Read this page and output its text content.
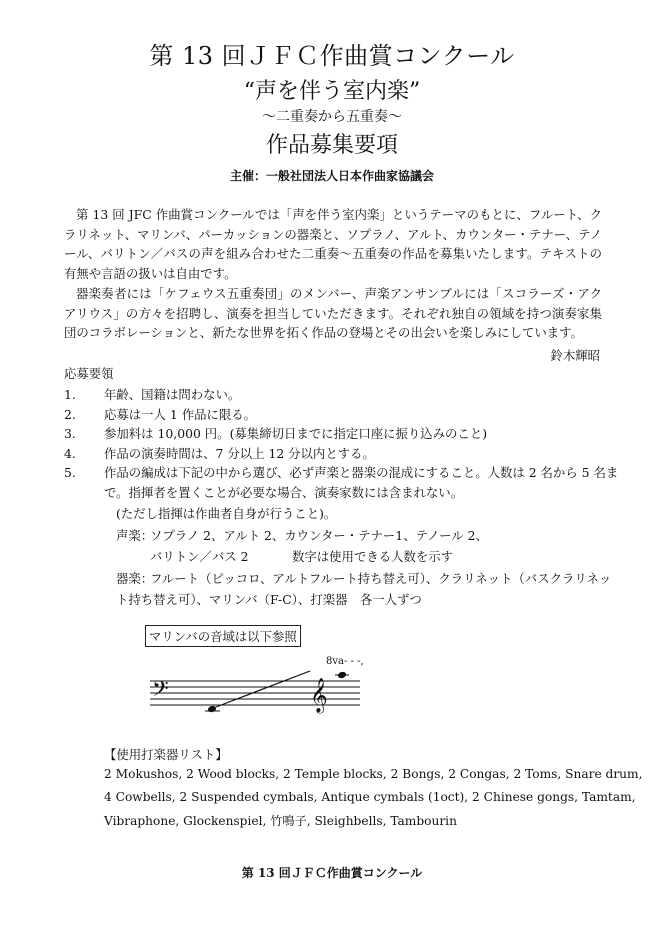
第 13 回ＪＦＣ作曲賞コンクール
“声を伴う室内楽”
～二重奏から五重奏～
作品募集要項
主催：一般社団法人日本作曲家協議会
第 13 回 JFC 作曲賞コンクールでは「声を伴う室内楽」というテーマのもとに、フルート、クラリネット、マリンバ、パーカッションの器楽と、ソプラノ、アルト、カウンター・テナー、テノール、バリトン／バスの声を組み合わせた二重奏～五重奏の作品を募集いたします。テキストの有無や言語の扱いは自由です。
器楽奏者には「ケフェウス五重奏団」のメンバー、声楽アンサンブルには「スコラーズ・アクアリウス」の方々を招聘し、演奏を担当していただきます。それぞれ独自の領域を持つ演奏家集団のコラボレーションと、新たな世界を拓く作品の登場とその出会いを楽しみにしています。
鈴木輝昭
応募要領
1.	年齢、国籍は問わない。
2.	応募は一人 1 作品に限る。
3.	参加料は 10,000 円。(募集締切日までに指定口座に振り込みのこと)
4.	作品の演奏時間は、7 分以上 12 分以内とする。
5.	作品の編成は下記の中から選び、必ず声楽と器楽の混成にすること。人数は 2 名から 5 名ま
で。指揮者を置くことが必要な場合、演奏家数には含まれない。
(ただし指揮は作曲者自身が行うこと)。
声楽：
ソプラノ 2、アルト 2、カウンター・テナー1、テノール 2、
バリトン／バス 2	数字は使用できる人数を示す
器楽：
フルート（ピッコロ、アルトフルート持ち替え可）、クラリネット（バスクラリネッ
ト持ち替え可）、マリンバ（F-C）、打楽器　各一人ずつ
マリンバの音域は以下参照
𝄢	𝄞
8va- - -,
【使用打楽器リスト】
2 Mokushos, 2 Wood blocks, 2 Temple blocks, 2 Bongs, 2 Congas, 2 Toms, Snare drum,
4 Cowbells, 2 Suspended cymbals, Antique cymbals (1oct), 2 Chinese gongs, Tamtam,
Vibraphone, Glockenspiel, 竹鳴子, Sleighbells, Tambourin
第 13 回ＪＦＣ作曲賞コンクール
